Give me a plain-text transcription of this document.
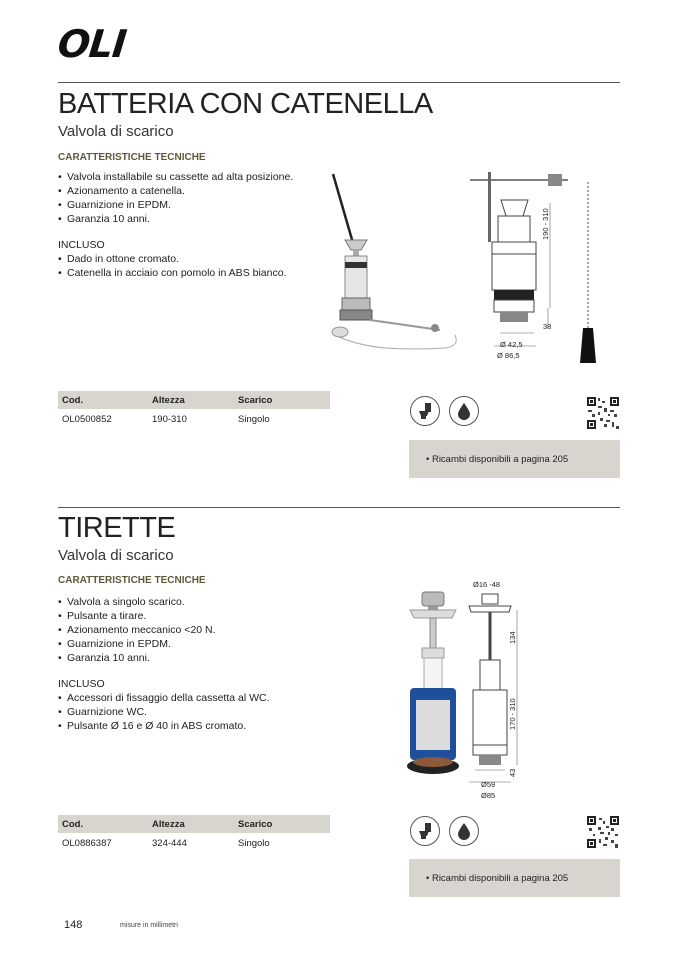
OLI
BATTERIA CON CATENELLA
Valvola di scarico
CARATTERISTICHE TECNICHE
• Valvola installabile su cassette ad alta posizione.
• Azionamento a catenella.
• Guarnizione in EPDM.
• Garanzia 10 anni.
INCLUSO
• Dado in ottone cromato.
• Catenella in acciaio con pomolo in ABS bianco.
190 - 310
38
Ø 42,5
Ø 86,5
Cod.	Altezza	Scarico
OL0500852	190-310	Singolo
• Ricambi disponibili a pagina 205
TIRETTE
Valvola di scarico
CARATTERISTICHE TECNICHE
• Valvola a singolo scarico.
• Pulsante a tirare.
• Azionamento meccanico <20 N.
• Guarnizione in EPDM.
• Garanzia 10 anni.
INCLUSO
• Accessori di fissaggio della cassetta al WC.
• Guarnizione WC.
• Pulsante Ø 16 e Ø 40 in ABS cromato.
Ø16 -48
134
170 - 310
43
Ø59
Ø85
Cod.	Altezza	Scarico
OL0886387	324-444	Singolo
• Ricambi disponibili a pagina 205
148	misure in millimetri
